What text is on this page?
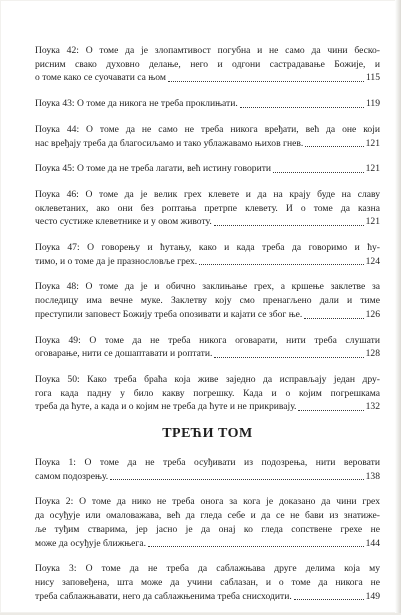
Поука 42: О томе да је злопамтивост погубна и не само да чини беско-
рисним свако духовно делање, него и одгони састрадавање Божије, и
о томе како се суочавати са њом	115
Поука 43: О томе да никога не треба проклињати.	119
Поука 44: О томе да не само не треба никога вређати, већ да оне који
нас вређају треба да благосиљамо и тако ублажавамо њихов гнев.	121
Поука 45: О томе да не треба лагати, већ истину говорити	121
Поука 46: О томе да је велик грех клевете и да на крају буде на славу
оклеветаних, ако они без роптања претрпе клевету. И о томе да казна
често сустиже клеветнике и у овом животу.	121
Поука 47: О говорењу и ћутању, како и када треба да говоримо и ћу-
тимо, и о томе да је празнословље грех.	124
Поука 48: О томе да је и обично заклињање грех, а кршење заклетве за
последицу има вечне муке. Заклетву коју смо пренагљено дали и тиме
преступили заповест Божију треба опозивати и кајати се због ње.	126
Поука 49: О томе да не треба никога оговарати, нити треба слушати
оговарање, нити се дошаптавати и роптати.	128
Поука 50: Како треба браћа која живе заједно да исправљају један дру-
гога када падну у било какву погрешку. Када и о којим погрешкама
треба да ћуте, а када и о којим не треба да ћуте и не прикривају.	132
ТРЕЋИ ТОМ
Поука 1: О томе да не треба осуђивати из подозрења, нити веровати
самом подозрењу.	138
Поука 2: О томе да нико не треба онога за кога је доказано да чини грех
да осуђује или омаловажава, већ да гледа себе и да се не бави из знатиже-
ље туђим стварима, јер јасно је да онај ко гледа сопствене грехе не
може да осуђује ближњега.	144
Поука 3: О томе да не треба да саблажњава друге делима која му
нису заповеђена, шта може да учини саблазан, и о томе да никога не
треба саблажњавати, него да саблажњенима треба снисходити.	149
